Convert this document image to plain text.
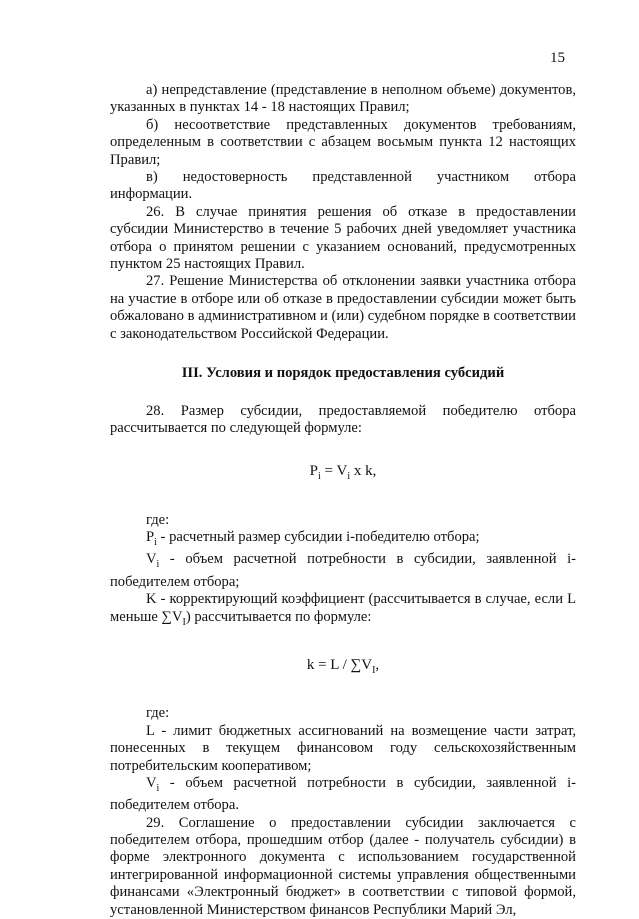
15

а) непредставление (представление в неполном объеме) документов, указанных в пунктах 14 - 18 настоящих Правил;

б) несоответствие представленных документов требованиям, определенным в соответствии с абзацем восьмым пункта 12 настоящих Правил;

в) недостоверность представленной участником отбора информации.

26. В случае принятия решения об отказе в предоставлении субсидии Министерство в течение 5 рабочих дней уведомляет участника отбора о принятом решении с указанием оснований, предусмотренных пунктом 25 настоящих Правил.

27. Решение Министерства об отклонении заявки участника отбора на участие в отборе или об отказе в предоставлении субсидии может быть обжаловано в административном и (или) судебном порядке в соответствии с законодательством Российской Федерации.

III. Условия и порядок предоставления субсидий

28. Размер субсидии, предоставляемой победителю отбора рассчитывается по следующей формуле:

$P_i = V_i$ x k,

где:

$P_i$ - расчетный размер субсидии i-победителю отбора;

$V_i$ - объем расчетной потребности в субсидии, заявленной i-победителем отбора;

K - корректирующий коэффициент (рассчитывается в случае, если L меньше $\sum V_I$) рассчитывается по формуле:

$k = L / \sum V_I$,

где:

L - лимит бюджетных ассигнований на возмещение части затрат, понесенных в текущем финансовом году сельскохозяйственным потребительским кооперативом;

$V_i$ - объем расчетной потребности в субсидии, заявленной i-победителем отбора.

29. Соглашение о предоставлении субсидии заключается с победителем отбора, прошедшим отбор (далее - получатель субсидии) в форме электронного документа с использованием государственной интегрированной информационной системы управления общественными финансами «Электронный бюджет» в соответствии с типовой формой, установленной Министерством финансов Республики Марий Эл,
